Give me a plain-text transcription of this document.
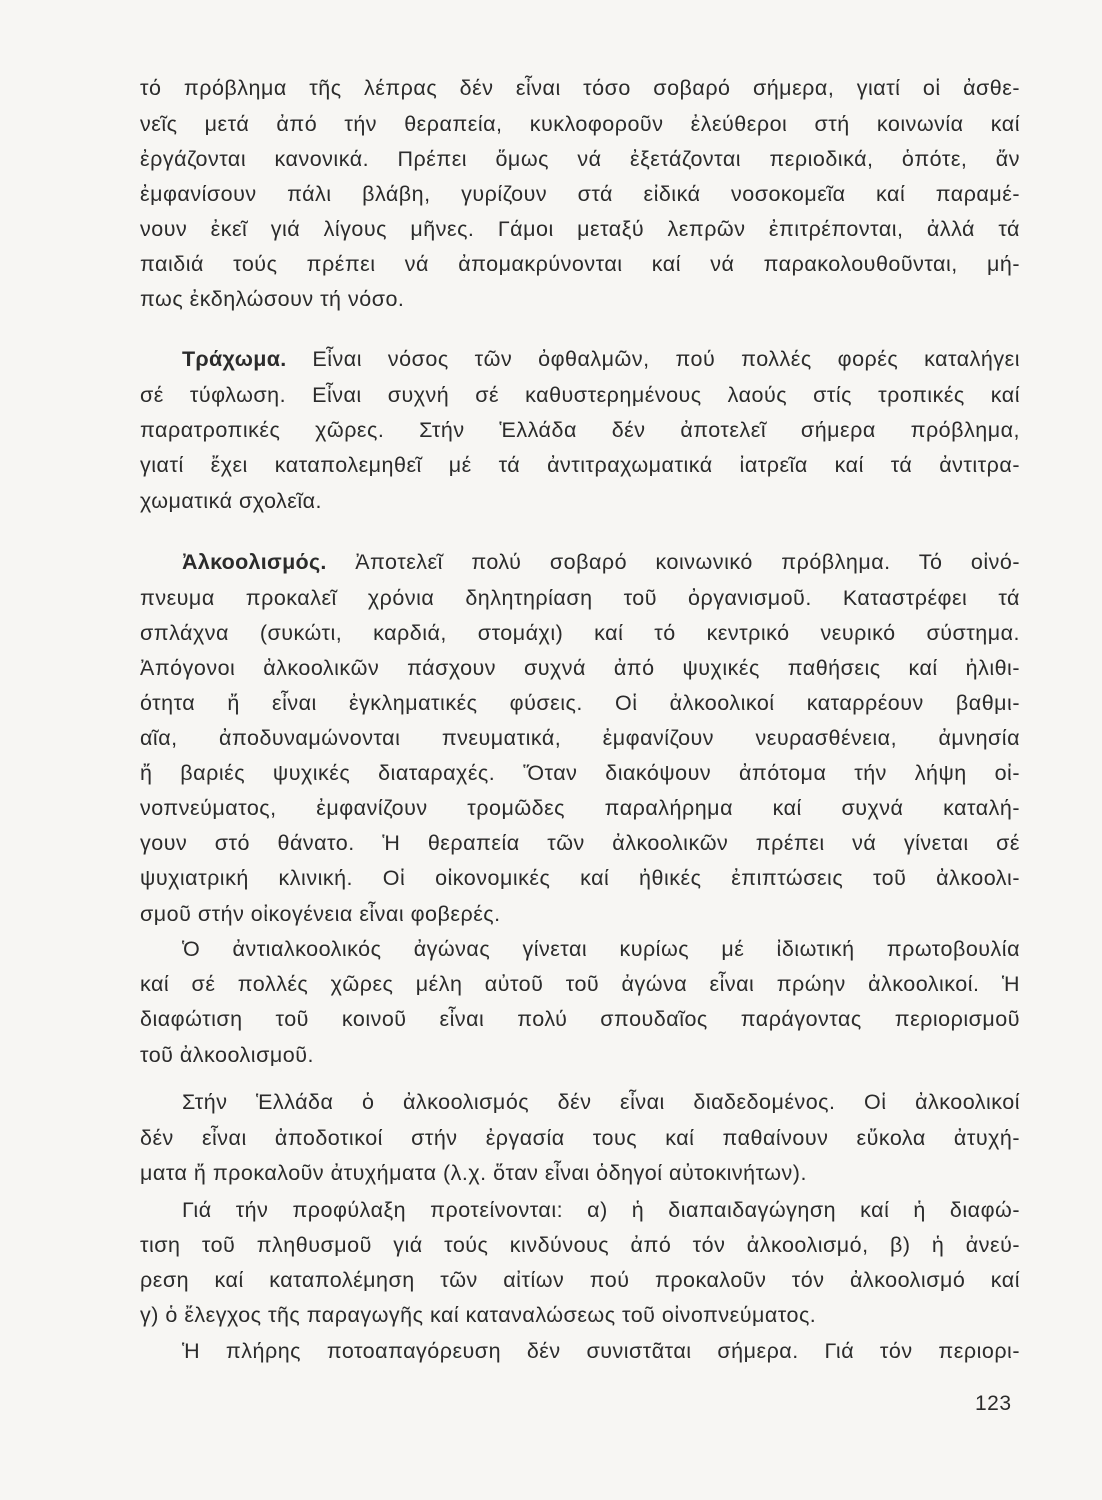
τό πρόβλημα τῆς λέπρας δέν εἶναι τόσο σοβαρό σήμερα, γιατί οἱ ἀσθε-
νεῖς μετά ἀπό τήν θεραπεία, κυκλοφοροῦν ἐλεύθεροι στή κοινωνία καί
ἐργάζονται κανονικά. Πρέπει ὅμως νά ἐξετάζονται περιοδικά, ὁπότε, ἄν
ἐμφανίσουν πάλι βλάβη, γυρίζουν στά εἰδικά νοσοκομεῖα καί παραμέ-
νουν ἐκεῖ γιά λίγους μῆνες. Γάμοι μεταξύ λεπρῶν ἐπιτρέπονται, ἀλλά τά
παιδιά τούς πρέπει νά ἀπομακρύνονται καί νά παρακολουθοῦνται, μή-
πως ἐκδηλώσουν τή νόσο.
Τράχωμα. Εἶναι νόσος τῶν ὀφθαλμῶν, πού πολλές φορές καταλήγει
σέ τύφλωση. Εἶναι συχνή σέ καθυστερημένους λαούς στίς τροπικές καί
παρατροπικές χῶρες. Στήν Ἑλλάδα δέν ἀποτελεῖ σήμερα πρόβλημα,
γιατί ἔχει καταπολεμηθεῖ μέ τά ἀντιτραχωματικά ἰατρεῖα καί τά ἀντιτρα-
χωματικά σχολεῖα.
Ἀλκοολισμός. Ἀποτελεῖ πολύ σοβαρό κοινωνικό πρόβλημα. Τό οἰνό-
πνευμα προκαλεῖ χρόνια δηλητηρίαση τοῦ ὀργανισμοῦ. Καταστρέφει τά
σπλάχνα (συκώτι, καρδιά, στομάχι) καί τό κεντρικό νευρικό σύστημα.
Ἀπόγονοι ἀλκοολικῶν πάσχουν συχνά ἀπό ψυχικές παθήσεις καί ἠλιθι-
ότητα ἤ εἶναι ἐγκληματικές φύσεις. Οἱ ἀλκοολικοί καταρρέουν βαθμι-
αῖα, ἀποδυναμώνονται πνευματικά, ἐμφανίζουν νευρασθένεια, ἀμνησία
ἤ βαριές ψυχικές διαταραχές. Ὅταν διακόψουν ἀπότομα τήν λήψη οἰ-
νοπνεύματος, ἐμφανίζουν τρομῶδες παραλήρημα καί συχνά καταλή-
γουν στό θάνατο. Ἡ θεραπεία τῶν ἀλκοολικῶν πρέπει νά γίνεται σέ
ψυχιατρική κλινική. Οἱ οἰκονομικές καί ἠθικές ἐπιπτώσεις τοῦ ἀλκοολι-
σμοῦ στήν οἰκογένεια εἶναι φοβερές.
Ὁ ἀντιαλκοολικός ἀγώνας γίνεται κυρίως μέ ἰδιωτική πρωτοβουλία
καί σέ πολλές χῶρες μέλη αὐτοῦ τοῦ ἀγώνα εἶναι πρώην ἀλκοολικοί. Ἡ
διαφώτιση τοῦ κοινοῦ εἶναι πολύ σπουδαῖος παράγοντας περιορισμοῦ
τοῦ ἀλκοολισμοῦ.
Στήν Ἑλλάδα ὁ ἀλκοολισμός δέν εἶναι διαδεδομένος. Οἱ ἀλκοολικοί
δέν εἶναι ἀποδοτικοί στήν ἐργασία τους καί παθαίνουν εὔκολα ἀτυχή-
ματα ἤ προκαλοῦν ἀτυχήματα (λ.χ. ὅταν εἶναι ὁδηγοί αὐτοκινήτων).
Γιά τήν προφύλαξη προτείνονται: α) ἡ διαπαιδαγώγηση καί ἡ διαφώ-
τιση τοῦ πληθυσμοῦ γιά τούς κινδύνους ἀπό τόν ἀλκοολισμό, β) ἡ ἀνεύ-
ρεση καί καταπολέμηση τῶν αἰτίων πού προκαλοῦν τόν ἀλκοολισμό καί
γ) ὁ ἔλεγχος τῆς παραγωγῆς καί καταναλώσεως τοῦ οἰνοπνεύματος.
Ἡ πλήρης ποτοαπαγόρευση δέν συνιστᾶται σήμερα. Γιά τόν περιορι-
123
